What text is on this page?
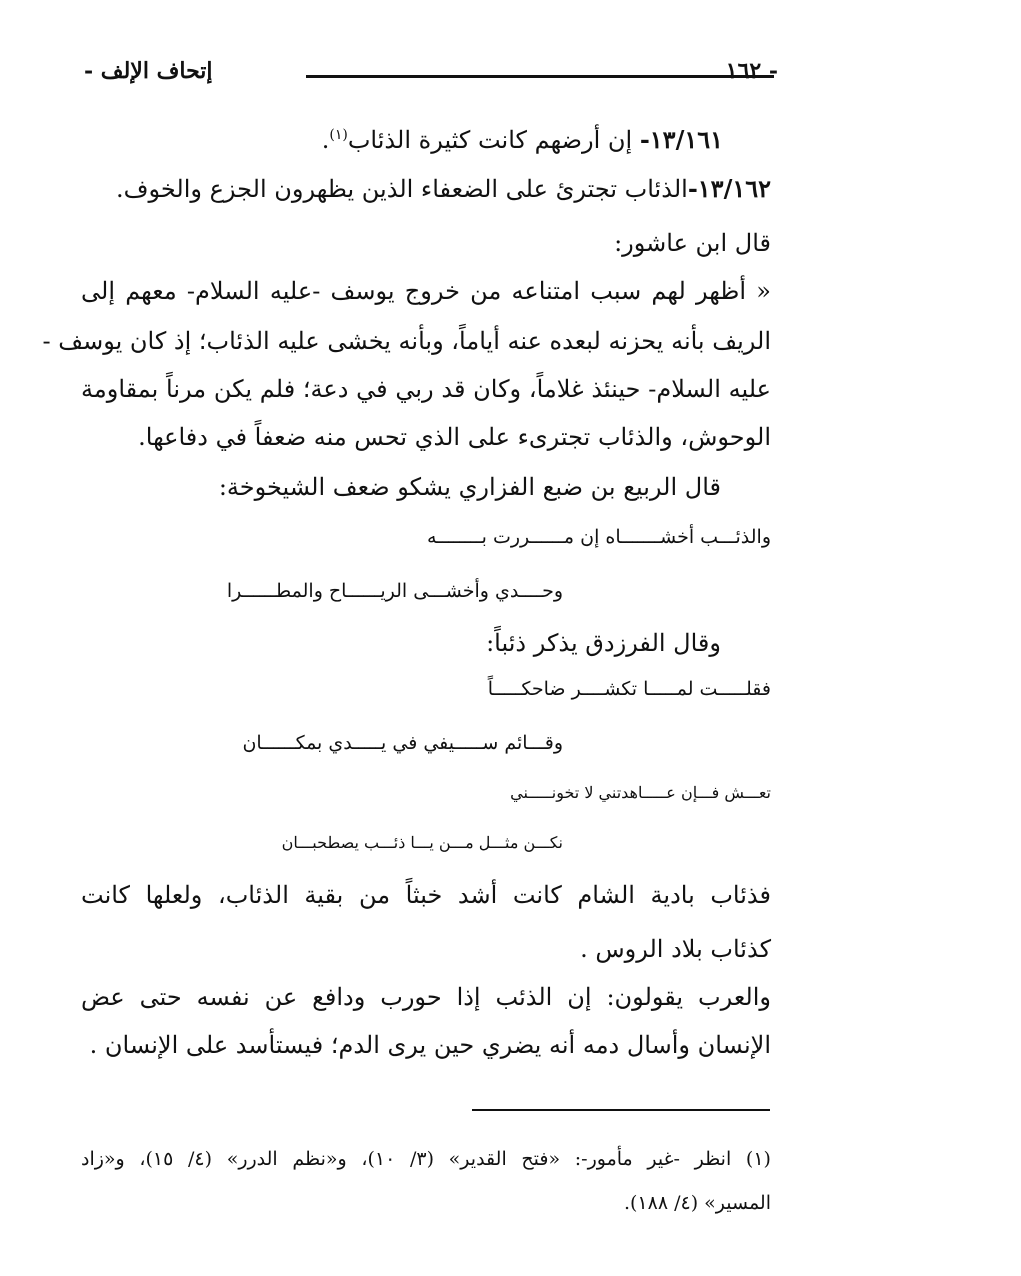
إتحاف الإلف -	- ١٦٢
١٣/١٦١- إن أرضهم كانت كثيرة الذئاب$^{(١)}$.
١٣/١٦٢-الذئاب تجترئ على الضعفاء الذين يظهرون الجزع والخوف.
قال ابن عاشور:
« أظهر لهم سبب امتناعه من خروج يوسف -عليه السلام- معهم إلى
الريف بأنه يحزنه لبعده عنه أياماً، وبأنه يخشى عليه الذئاب؛ إذ كان يوسف -
عليه السلام- حينئذ غلاماً، وكان قد ربي في دعة؛ فلم يكن مرناً بمقاومة
الوحوش، والذئاب تجترىء على الذي تحس منه ضعفاً في دفاعها.
قال الربيع بن ضبع الفزاري يشكو ضعف الشيخوخة:
والذئـــب أخشـــــــاه إن مــــــررت بــــــــه
وحــــدي وأخشـــى الريــــــاح والمطــــــرا
وقال الفرزدق يذكر ذئباً:
فقلـــــت لمـــــا تكشــــر ضاحكـــــاً
وقـــائم ســـــيفي في يـــــدي بمكــــــان
تعـــش فـــإن عـــــاهدتني لا تخونـــــني
نكـــن مثـــل مـــن يـــا ذئـــب يصطحبـــان
فذئاب بادية الشام كانت أشد خبثاً من بقية الذئاب، ولعلها كانت
كذئاب بلاد الروس .
والعرب يقولون: إن الذئب إذا حورب ودافع عن نفسه حتى عض
الإنسان وأسال دمه أنه يضري حين يرى الدم؛ فيستأسد على الإنسان .
(١) انظر -غير مأمور-: «فتح القدير» (٣/ ١٠)، و«نظم الدرر» (٤/ ١٥)، و«زاد
المسير» (٤/ ١٨٨).
